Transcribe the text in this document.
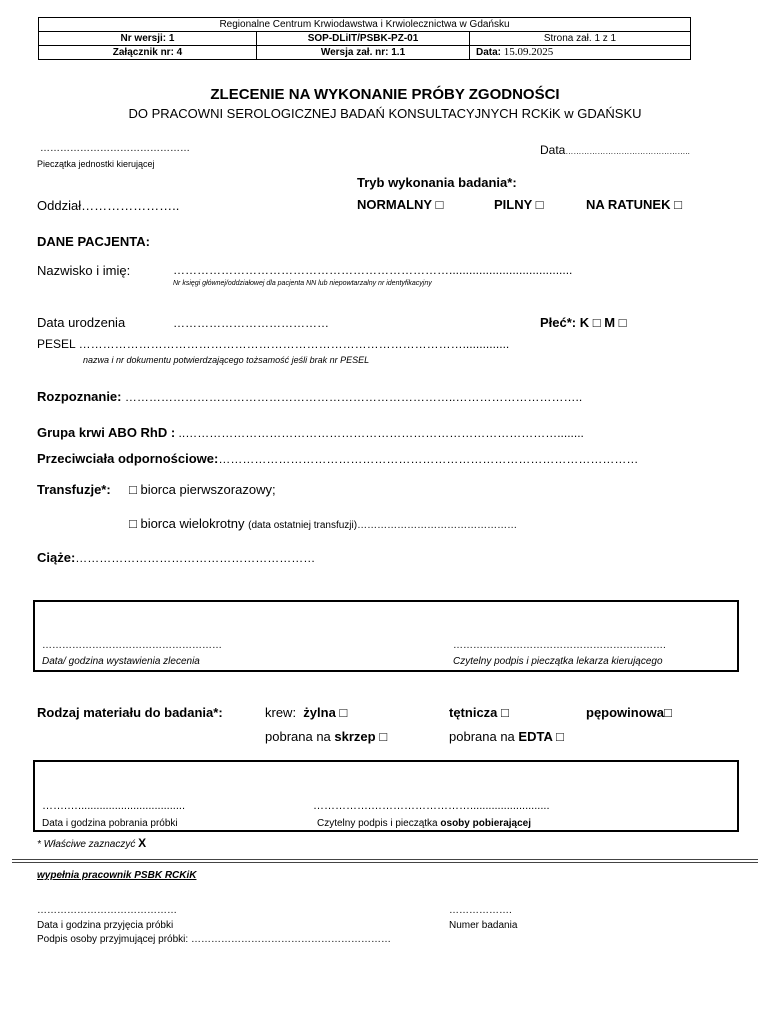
Regionalne Centrum Krwiodawstwa i Krwiolecznictwa w Gdańsku		
Nr wersji: 1	SOP-DLiIT/PSBK-PZ-01	Strona zał. 1 z 1
Załącznik nr: 4	Wersja zał. nr: 1.1	Data: 15.09.2025
ZLECENIE NA WYKONANIE PRÓBY ZGODNOŚCI
DO PRACOWNI SEROLOGICZNEJ BADAŃ KONSULTACYJNYCH RCKiK w GDAŃSKU
………………………………………
Pieczątka jednostki kierującej
Data………………………………………..
Tryb wykonania badania*:
Oddział…………………..	NORMALNY □	PILNY □	NA RATUNEK □
DANE PACJENTA:
Nazwisko i imię:	…………………………………………………………….....................................
Nr księgi głównej/oddziałowej dla pacjenta NN lub niepowtarzalny nr identyfikacyjny
Data urodzenia	…………………………………	Płeć*: K □ M □
PESEL ……………………………………………………………………………………..............
nazwa i nr dokumentu potwierdzającego tożsamość jeśli brak nr PESEL
Rozpoznanie: ………………………………………………………………………..…………………………..
Grupa krwi ABO RhD : ..…………………………………………………………………………………........
Przeciwciała odpornościowe:……………………………………………………………………………………………
Transfuzje*: □ biorca pierwszorazowy;
□ biorca wielokrotny (data ostatniej transfuzji)…………………………………………
Ciąże:……………………………………………………
………………………………………………
Data/ godzina wystawienia zlecenia
……………………………………………………….
Czytelny podpis i pieczątka lekarza kierującego
Rodzaj materiału do badania*:	krew: żylna □	tętnicza □	pępowinowa□
pobrana na skrzep □	pobrana na EDTA □
…….…...................................
Data i godzina pobrania próbki
…………….………………………..........................
Czytelny podpis i pieczątka osoby pobierającej
* Właściwe zaznaczyć X
wypełnia pracownik PSBK RCKiK
……………………………………
Data i godzina przyjęcia próbki
……………….
Numer badania
Podpis osoby przyjmującej próbki: ……………………………………………………
